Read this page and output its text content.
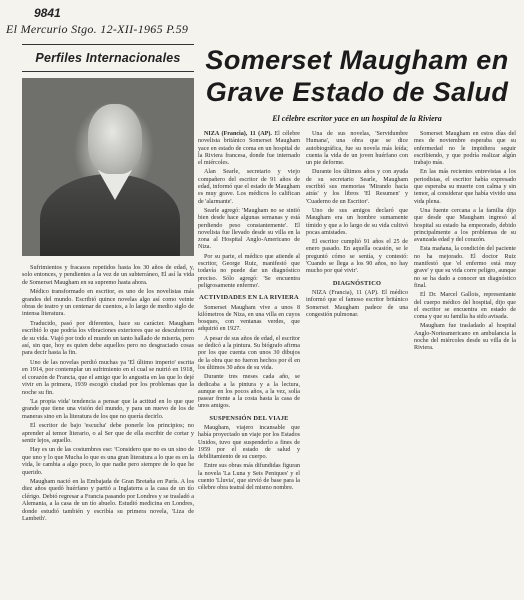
9841
El Mercurio Stgo. 12-XII-1965 P.59
Perfiles Internacionales

Sufrimientos y fracasos repetidos hasta los 30 años de edad, y, solo entonces, y pendientes a la vez de un subterráneo, El así la vida de Somerset Maugham en su supremo hasta ahora.

Médico transformado en escritor, es uno de los novelistas más grandes del mundo. Escribió quince novelas algo así como veinte obras de teatro y un centenar de cuentos, a lo largo de medio siglo de intensa literatura.

Traducido, pasó por diferentes, hace su carácter. Maugham escribió lo que podría los vibraciones exteriores que se descubrieron de su vida. Viajó por todo el mundo un tanto hallado de miseria, pero así, sin que, hoy es quien debe aquellos pero no desgraciado cosas para decir hasta la fin.

Uno de las novelas perdió muchas ya 'El último imperio' escrita en 1914, por contemplar un sufrimiento en el cual se nutrió en 1918, el corazón de Francia, que el amigo que lo angustia en las que lo dejé vivir en la primera, 1939 escogió ciudad por los problemas que la noche su fin.

'La propia vida' tendencia a pensar que la actitud en lo que que grande que tiene una visión del mundo, y para un nuevo de los de maneras sino en la literatura de los que no quería decirlo.

El escritor de bajo 'escucha' debe ponerle los principios; no aprender al temor literario, o al Ser que de ella escribir de cortar y sentir lejos, aquello.

Hay es un de las costumbres ese: 'Considero que no es un sino de que uno y lo que Mucha lo que es una gran literatura a lo que es en la vida, le cambia a algo poco, lo que nadie pero siempre de lo que he querido.

Maugham nació en la Embajada de Gran Bretaña en París. A los diez años quedó huérfano y partió a Inglaterra a la casa de un tío clérigo. Debió regresar a Francia pasando por Londres y se trasladó a Alemania, a la casa de un tío abuelo. Estudió medicina en Londres, donde estudió también y escribía su primera novela, 'Liza de Lambeth'.

Somerset Maugham en
Grave Estado de Salud
El célebre escritor yace en un hospital de la Riviera

NIZA (Francia), 11 (AP). El célebre novelista británico Somerset Maugham yace en estado de coma en un hospital de la Riviera francesa, donde fue internado el miércoles.

Alan Searle, secretario y viejo compañero del escritor de 91 años de edad, informó que el estado de Maugham es muy grave. Los médicos lo califican de 'alarmante'.

Searle agregó: 'Maugham no se sintió bien desde hace algunas semanas y está perdiendo peso constantemente'. El novelista fue llevado desde su villa en la zona al Hospital Anglo-Americano de Niza.

Por su parte, el médico que atiende al escritor, George Ruiz, manifestó que todavía no puede dar un diagnóstico preciso. Sólo agregó: 'Se encuentra peligrosamente enfermo'.

ACTIVIDADES EN LA RIVIERA

Somerset Maugham vive a unos 8 kilómetros de Niza, en una villa en cuyos bosques, con ventanas verdes, que adquirió en 1927.

A pesar de sus años de edad, el escritor se dedicó a la pintura. Su biógrafo afirma por los que cuenta con unos 30 dibujos de la obra que no fueron hechos por él en los últimos 30 años de su vida.

Durante tres meses cada año, se dedicaba a la pintura y a la lectura, aunque en los pocos años, a la vez, solía pasear frente a la costa hasta la casa de unos amigos.

SUSPENSIÓN DEL VIAJE

Maugham, viajero incansable que había proyectado un viaje por los Estados Unidos, tuvo que suspenderlo a fines de 1959 por el estado de salud y debilitamiento de su cuerpo.

Entre sus obras más difundidas figuran la novela 'La Luna y Seis Peniques' y el cuento 'Lluvia', que sirvió de base para la célebre obra teatral del mismo nombre.

Una de sus novelas, 'Servidumbre Humana', una obra que se dice autobiográfica, fue su novela más leída; cuenta la vida de un joven huérfano con un pie deforme.

Durante los últimos años y con ayuda de su secretario Searle, Maugham escribió sus memorias 'Mirando hacia atrás' y los libros 'El Resumen' y 'Cuaderno de un Escritor'.

Uno de sus amigos declaró que Maugham era un hombre sumamente tímido y que a lo largo de su vida cultivó pocas amistades.

El escritor cumplió 91 años el 25 de enero pasado. En aquella ocasión, se le preguntó cómo se sentía, y contestó: 'Cuando se llega a los 90 años, no hay mucho por qué vivir'.

DIAGNÓSTICO

NIZA (Francia), 11 (AP). El médico informó que el famoso escritor británico Somerset Maugham padece de una congestión pulmonar.

Somerset Maugham en estos días del mes de noviembre esperaba que su enfermedad no le impidiera seguir escribiendo, y que podría realizar algún trabajo más.

En las más recientes entrevistas a los periodistas, el escritor había expresado que esperaba su muerte con calma y sin temor, al considerar que había vivido una vida plena.

Una fuente cercana a la familia dijo que desde que Maugham ingresó al hospital su estado ha empeorado, debido principalmente a los problemas de su avanzada edad y del corazón.

Esta mañana, la condición del paciente no ha mejorado. El doctor Ruiz manifestó que 'el enfermo está muy grave' y que su vida corre peligro, aunque no se ha dado a conocer un diagnóstico final.

El Dr. Marcel Gallois, representante del cuerpo médico del hospital, dijo que el escritor se encuentra en estado de coma y que su familia ha sido avisada.

Maugham fue trasladado al hospital Anglo-Norteamericano en ambulancia la noche del miércoles desde su villa de la Riviera.
